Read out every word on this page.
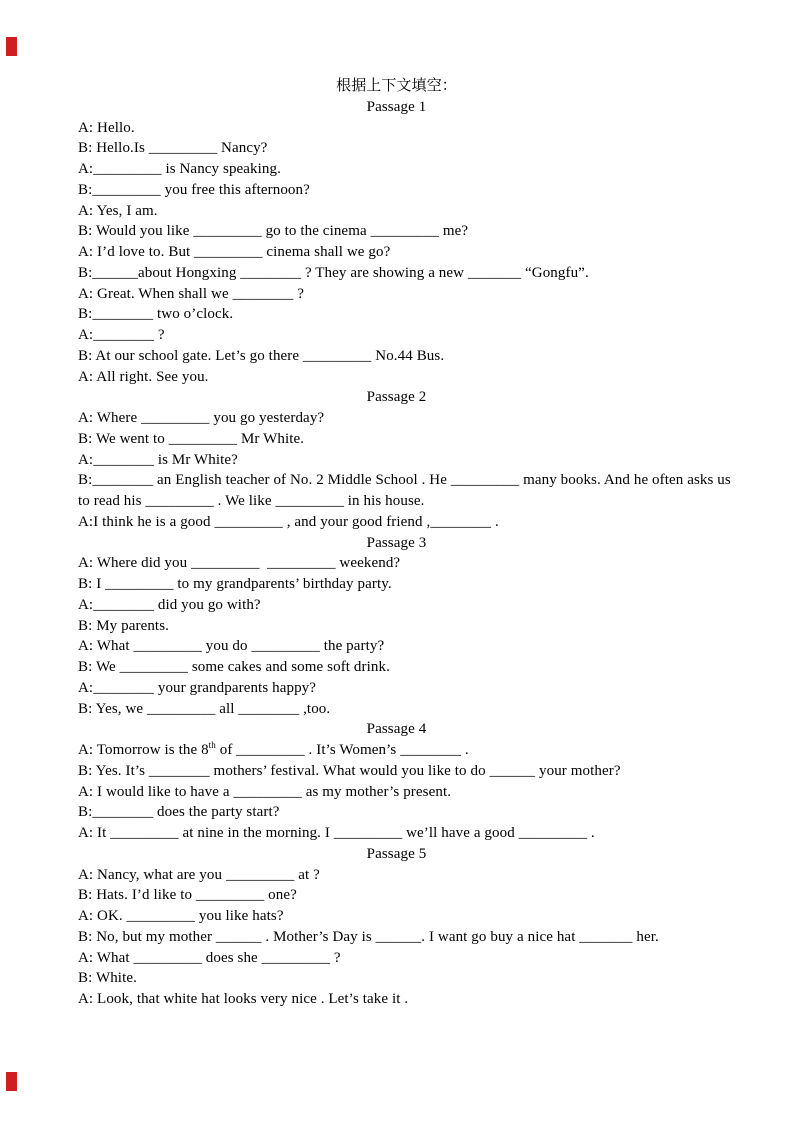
根据上下文填空：

Passage 1

A: Hello.

B: Hello.Is _________ Nancy?

A:_________ is Nancy speaking.

B:_________ you free this afternoon?

A: Yes, I am.

B: Would you like _________ go to the cinema _________ me?

A: I’d love to. But _________ cinema shall we go?

B:______about Hongxing ________ ? They are showing a new _______ “Gongfu”.

A: Great. When shall we ________ ?

B:________ two o’clock.

A:________ ?

B: At our school gate. Let’s go there _________ No.44 Bus.

A: All right. See you.

Passage 2

A: Where _________ you go yesterday?

B: We went to _________ Mr White.

A:________ is Mr White?

B:________ an English teacher of No. 2 Middle School . He _________ many books. And he often asks us

to read his _________ . We like _________ in his house.

A:I think he is a good _________ , and your good friend ,________ .

Passage 3

A: Where did you _________  _________ weekend?

B: I _________ to my grandparents’ birthday party.

A:________ did you go with?

B: My parents.

A: What _________ you do _________ the party?

B: We _________ some cakes and some soft drink.

A:________ your grandparents happy?

B: Yes, we _________ all ________ ,too.

Passage 4

A: Tomorrow is the 8th of _________ . It’s Women’s ________ .

B: Yes. It’s ________ mothers’ festival. What would you like to do ______ your mother?

A: I would like to have a _________ as my mother’s present.

B:________ does the party start?

A: It _________ at nine in the morning. I _________ we’ll have a good _________ .

Passage 5

A: Nancy, what are you _________ at ?

B: Hats. I’d like to _________ one?

A: OK. _________ you like hats?

B: No, but my mother ______ . Mother’s Day is ______. I want go buy a nice hat _______ her.

A: What _________ does she _________ ?

B: White.

A: Look, that white hat looks very nice . Let’s take it .
